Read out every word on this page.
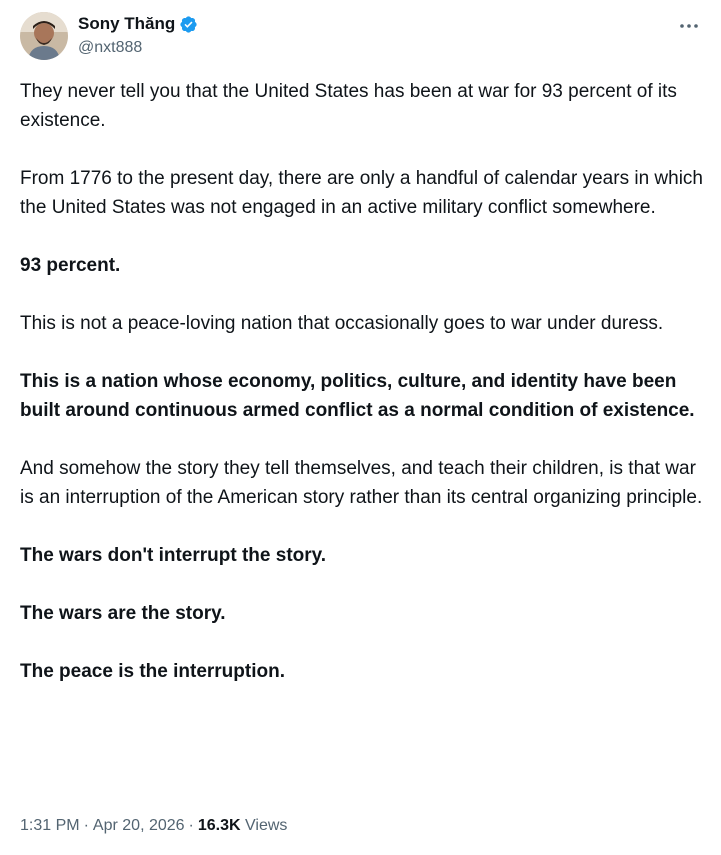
Sony Thăng
@nxt888

They never tell you that the United States has been at war for 93 percent of its existence.

From 1776 to the present day, there are only a handful of calendar years in which the United States was not engaged in an active military conflict somewhere.

93 percent.

This is not a peace-loving nation that occasionally goes to war under duress.

This is a nation whose economy, politics, culture, and identity have been built around continuous armed conflict as a normal condition of existence.

And somehow the story they tell themselves, and teach their children, is that war is an interruption of the American story rather than its central organizing principle.

The wars don't interrupt the story.

The wars are the story.

The peace is the interruption.

1:31 PM · Apr 20, 2026 · 16.3K Views
